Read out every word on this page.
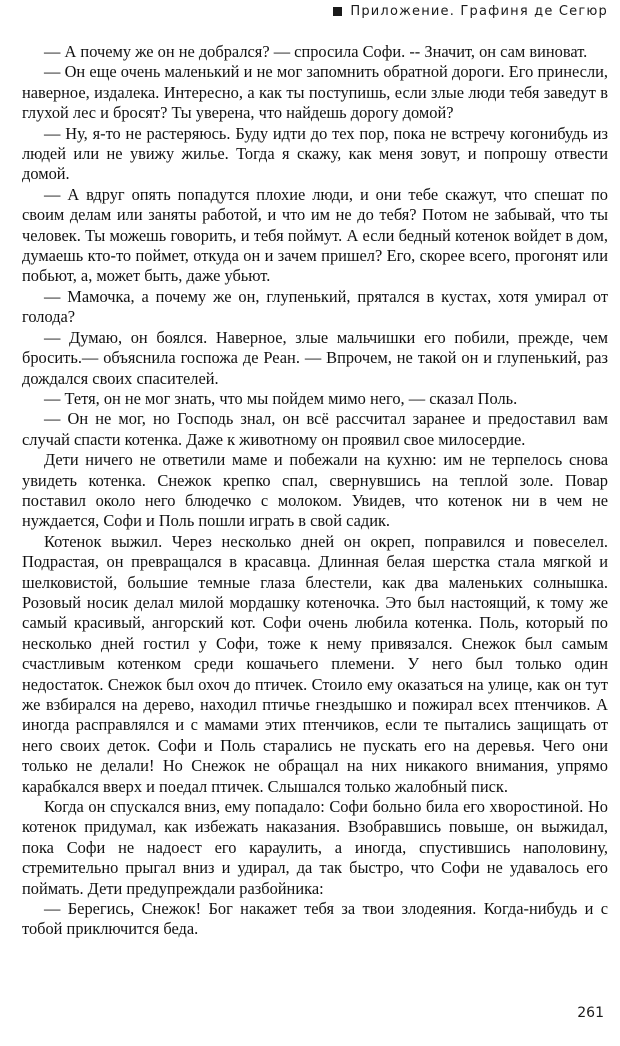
Приложение. Графиня де Сегюр

— А почему же он не добрался? — спросила Софи. -- Значит, он сам виноват.

— Он еще очень маленький и не мог запомнить обратной дороги. Его принесли, наверное, издалека. Интересно, а как ты поступишь, если злые люди тебя заведут в глухой лес и бросят? Ты уверена, что найдешь дорогу домой?

— Ну, я-то не растеряюсь. Буду идти до тех пор, пока не встречу когонибудь из людей или не увижу жилье. Тогда я скажу, как меня зовут, и попрошу отвести домой.

— А вдруг опять попадутся плохие люди, и они тебе скажут, что спешат по своим делам или заняты работой, и что им не до тебя? Потом не забывай, что ты человек. Ты можешь говорить, и тебя поймут. А если бедный котенок войдет в дом, думаешь кто-то поймет, откуда он и зачем пришел? Его, скорее всего, прогонят или побьют, а, может быть, даже убьют.

— Мамочка, а почему же он, глупенький, прятался в кустах, хотя умирал от голода?

— Думаю, он боялся. Наверное, злые мальчишки его побили, прежде, чем бросить.— объяснила госпожа де Реан. — Впрочем, не такой он и глупенький, раз дождался своих спасителей.

— Тетя, он не мог знать, что мы пойдем мимо него, — сказал Поль.

— Он не мог, но Господь знал, он всё рассчитал заранее и предоставил вам случай спасти котенка. Даже к животному он проявил свое милосердие.

Дети ничего не ответили маме и побежали на кухню: им не терпелось снова увидеть котенка. Снежок крепко спал, свернувшись на теплой золе. Повар поставил около него блюдечко с молоком. Увидев, что котенок ни в чем не нуждается, Софи и Поль пошли играть в свой садик.

Котенок выжил. Через несколько дней он окреп, поправился и повеселел. Подрастая, он превращался в красавца. Длинная белая шерстка стала мягкой и шелковистой, большие темные глаза блестели, как два маленьких солнышка. Розовый носик делал милой мордашку котеночка. Это был настоящий, к тому же самый красивый, ангорский кот. Софи очень любила котенка. Поль, который по несколько дней гостил у Софи, тоже к нему привязался. Снежок был самым счастливым котенком среди кошачьего племени. У него был только один недостаток. Снежок был охоч до птичек. Стоило ему оказаться на улице, как он тут же взбирался на дерево, находил птичье гнездышко и пожирал всех птенчиков. А иногда расправлялся и с мамами этих птенчиков, если те пытались защищать от него своих деток. Софи и Поль старались не пускать его на деревья. Чего они только не делали! Но Снежок не обращал на них никакого внимания, упрямо карабкался вверх и поедал птичек. Слышался только жалобный писк.

Когда он спускался вниз, ему попадало: Софи больно била его хворостиной. Но котенок придумал, как избежать наказания. Взобравшись повыше, он выжидал, пока Софи не надоест его караулить, а иногда, спустившись наполовину, стремительно прыгал вниз и удирал, да так быстро, что Софи не удавалось его поймать. Дети предупреждали разбойника:

— Берегись, Снежок! Бог накажет тебя за твои злодеяния. Когда-нибудь и с тобой приключится беда.

261
